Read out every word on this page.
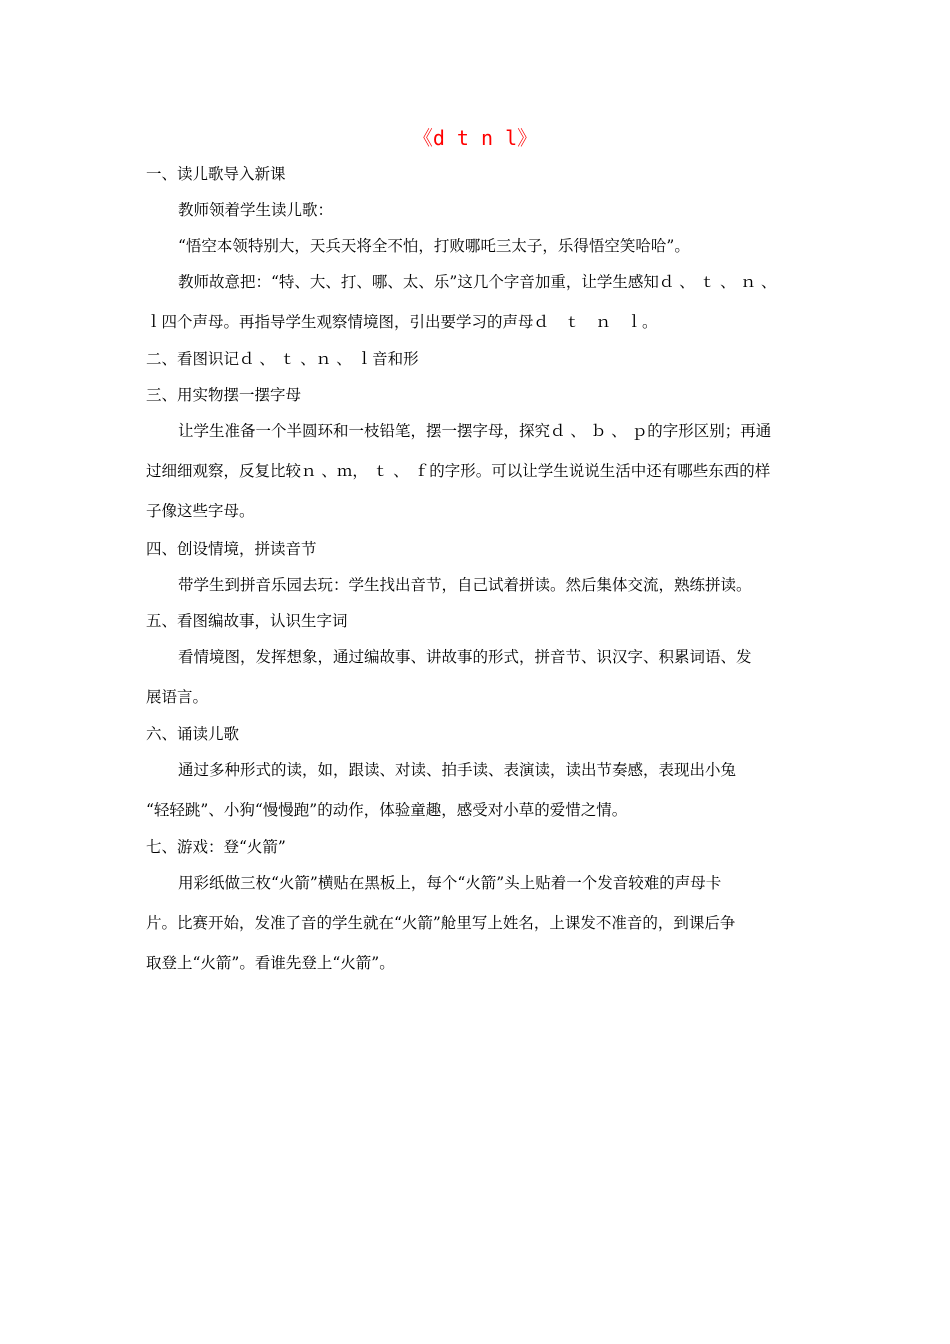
《d t n l》
一、读儿歌导入新课
教师领着学生读儿歌：
“悟空本领特别大，天兵天将全不怕，打败哪吒三太子，乐得悟空笑哈哈”。
教师故意把：“特、大、打、哪、太、乐”这几个字音加重，让学生感知ｄ 、 ｔ 、 ｎ 、
ｌ四个声母。再指导学生观察情境图，引出要学习的声母ｄ　ｔ　ｎ　ｌ。
二、看图识记ｄ 、 ｔ 、ｎ 、 ｌ音和形
三、用实物摆一摆字母
让学生准备一个半圆环和一枝铅笔，摆一摆字母，探究ｄ 、 ｂ 、 ｐ的字形区别；再通
过细细观察，反复比较ｎ 、ｍ， ｔ 、 ｆ的字形。可以让学生说说生活中还有哪些东西的样
子像这些字母。
四、创设情境，拼读音节
带学生到拼音乐园去玩：学生找出音节，自己试着拼读。然后集体交流，熟练拼读。
五、看图编故事，认识生字词
看情境图，发挥想象，通过编故事、讲故事的形式，拼音节、识汉字、积累词语、发
展语言。
六、诵读儿歌
通过多种形式的读，如，跟读、对读、拍手读、表演读，读出节奏感，表现出小兔
“轻轻跳”、小狗“慢慢跑”的动作，体验童趣，感受对小草的爱惜之情。
七、游戏：登“火箭”
用彩纸做三枚“火箭”横贴在黑板上，每个“火箭”头上贴着一个发音较难的声母卡
片。比赛开始，发准了音的学生就在“火箭”舱里写上姓名，上课发不准音的，到课后争
取登上“火箭”。看谁先登上“火箭”。
